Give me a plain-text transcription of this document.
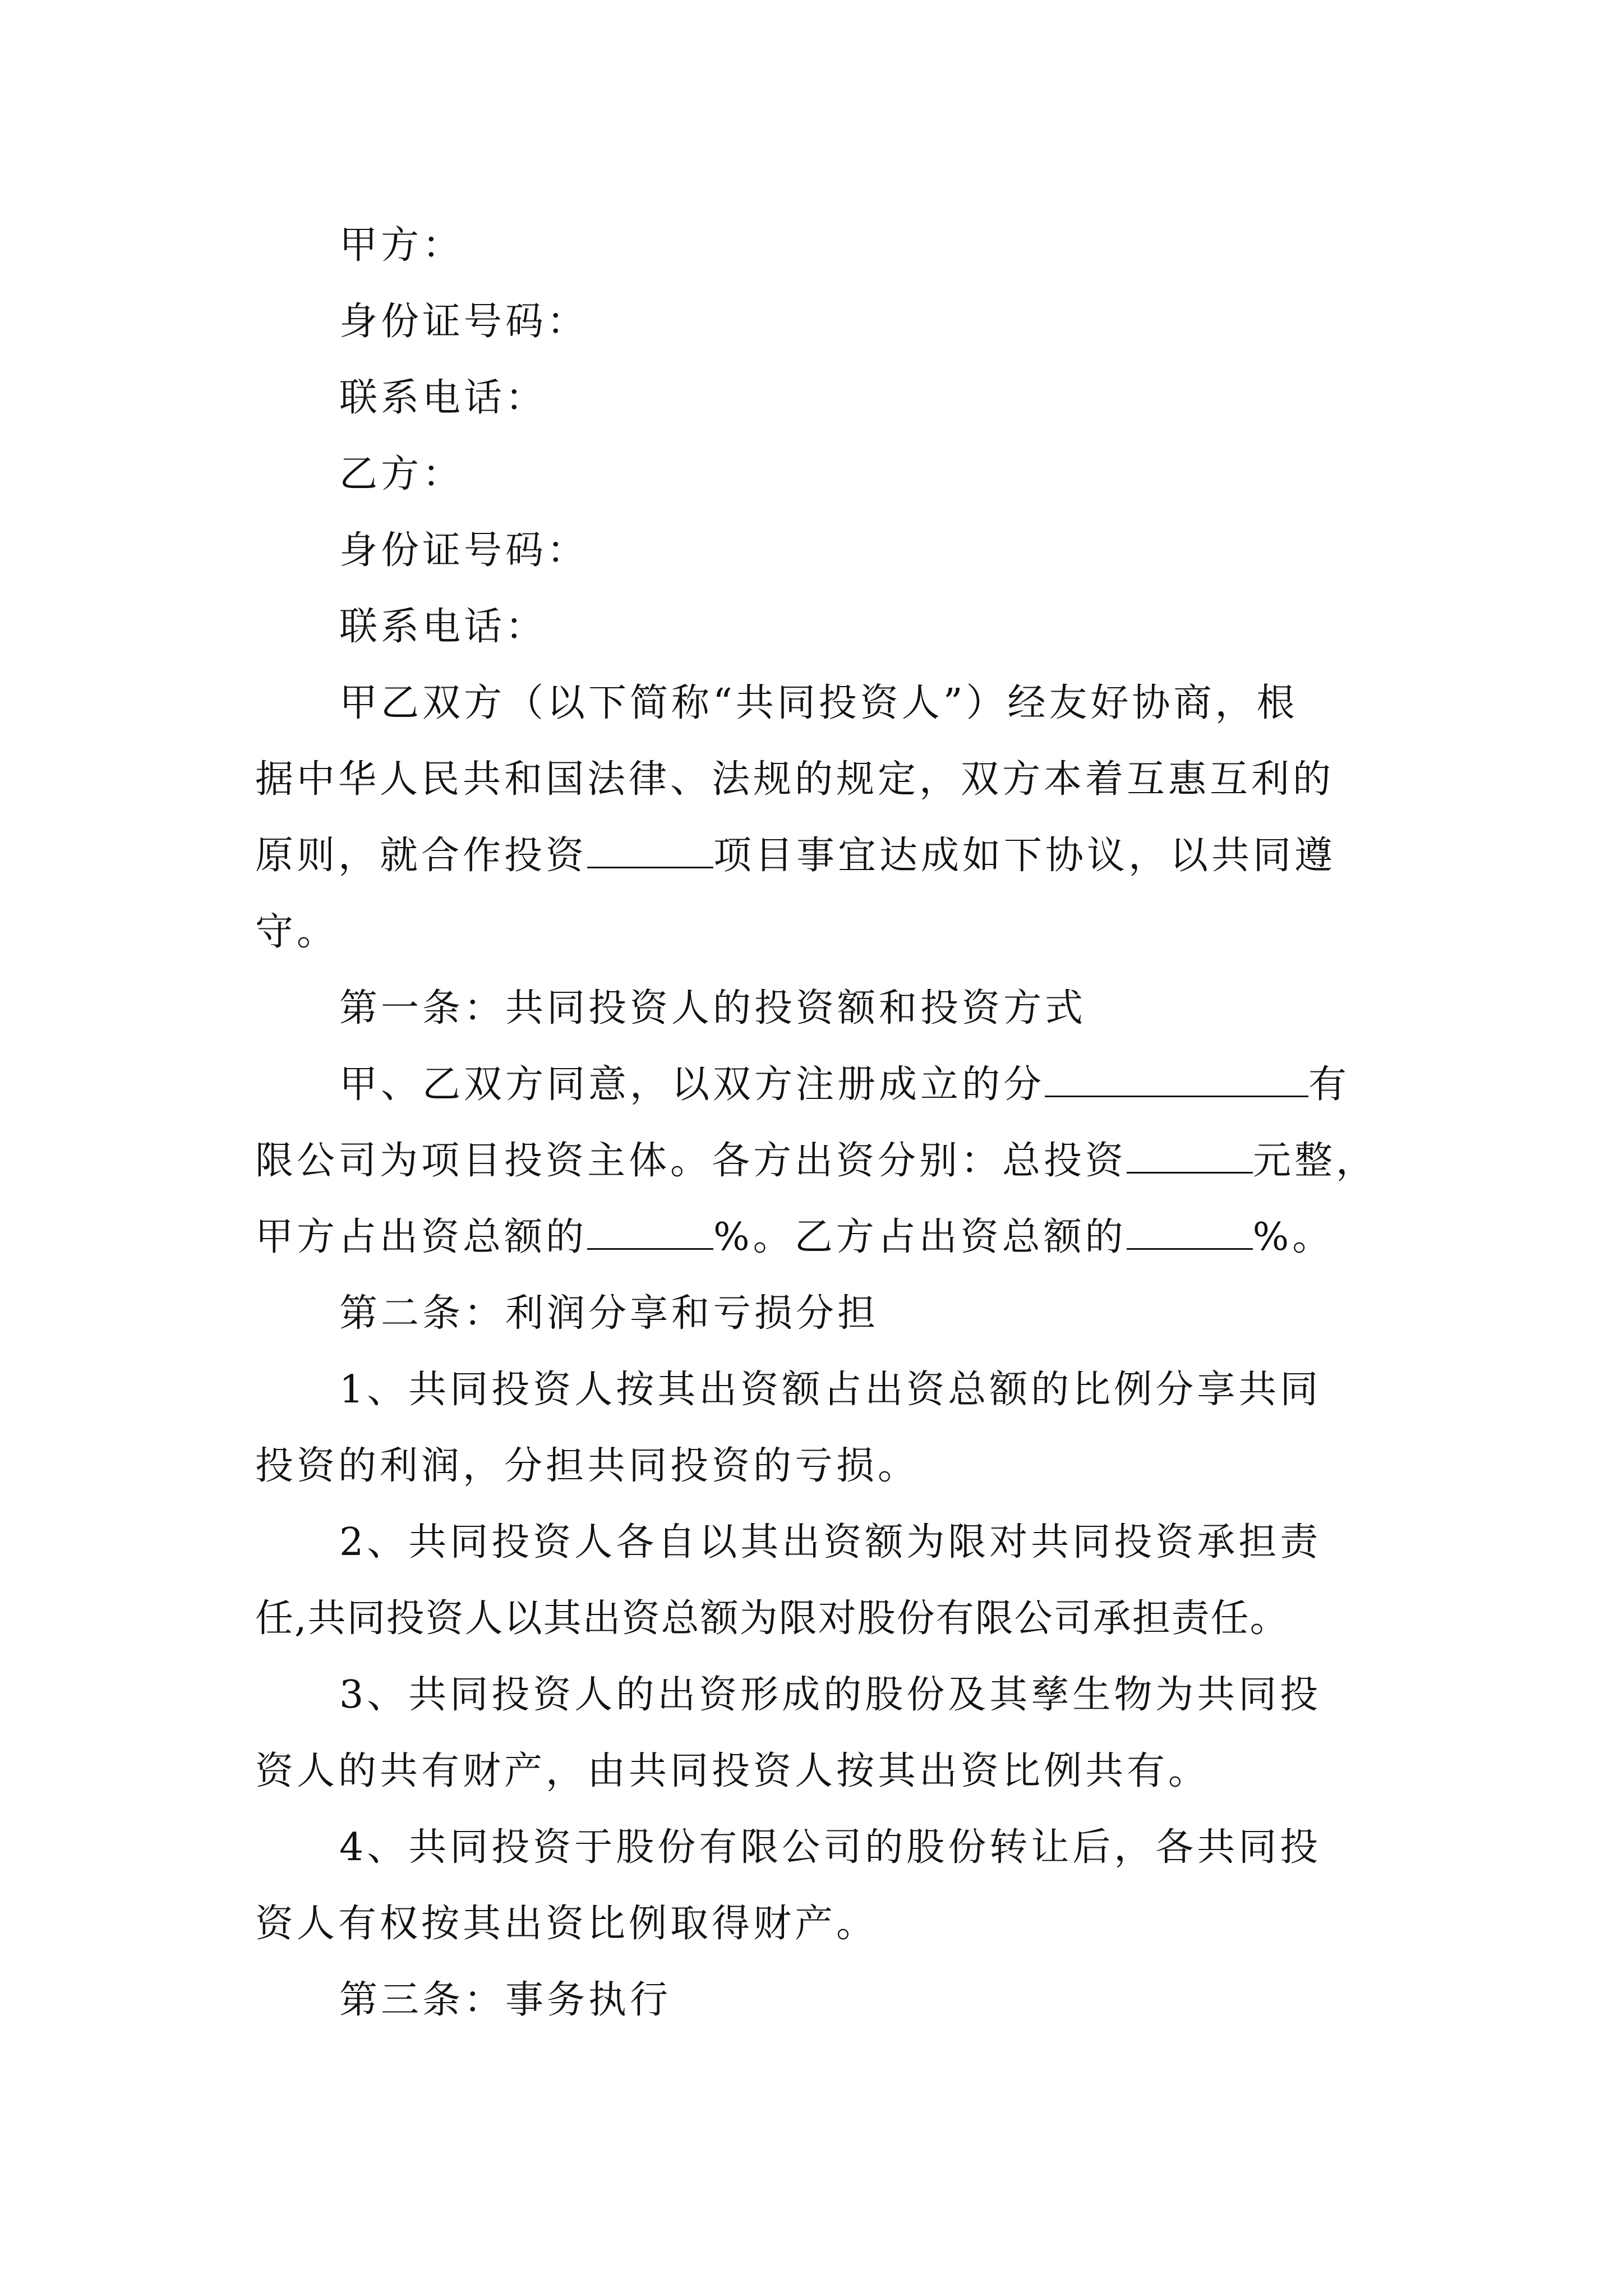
甲方：

身份证号码：

联系电话：

乙方：

身份证号码：

联系电话：

甲乙双方（以下简称“共同投资人”）经友好协商，根

据中华人民共和国法律、法规的规定，双方本着互惠互利的

原则，就合作投资	项目事宜达成如下协议，以共同遵

守。

第一条：共同投资人的投资额和投资方式

甲、乙双方同意，以双方注册成立的分	有

限公司为项目投资主体。各方出资分别：总投资	元整，

甲方占出资总额的	%。乙方占出资总额的	%。

第二条：利润分享和亏损分担

1、共同投资人按其出资额占出资总额的比例分享共同

投资的利润，分担共同投资的亏损。

2、共同投资人各自以其出资额为限对共同投资承担责

任,共同投资人以其出资总额为限对股份有限公司承担责任。

3、共同投资人的出资形成的股份及其孳生物为共同投

资人的共有财产，由共同投资人按其出资比例共有。

4、共同投资于股份有限公司的股份转让后，各共同投

资人有权按其出资比例取得财产。

第三条：事务执行
